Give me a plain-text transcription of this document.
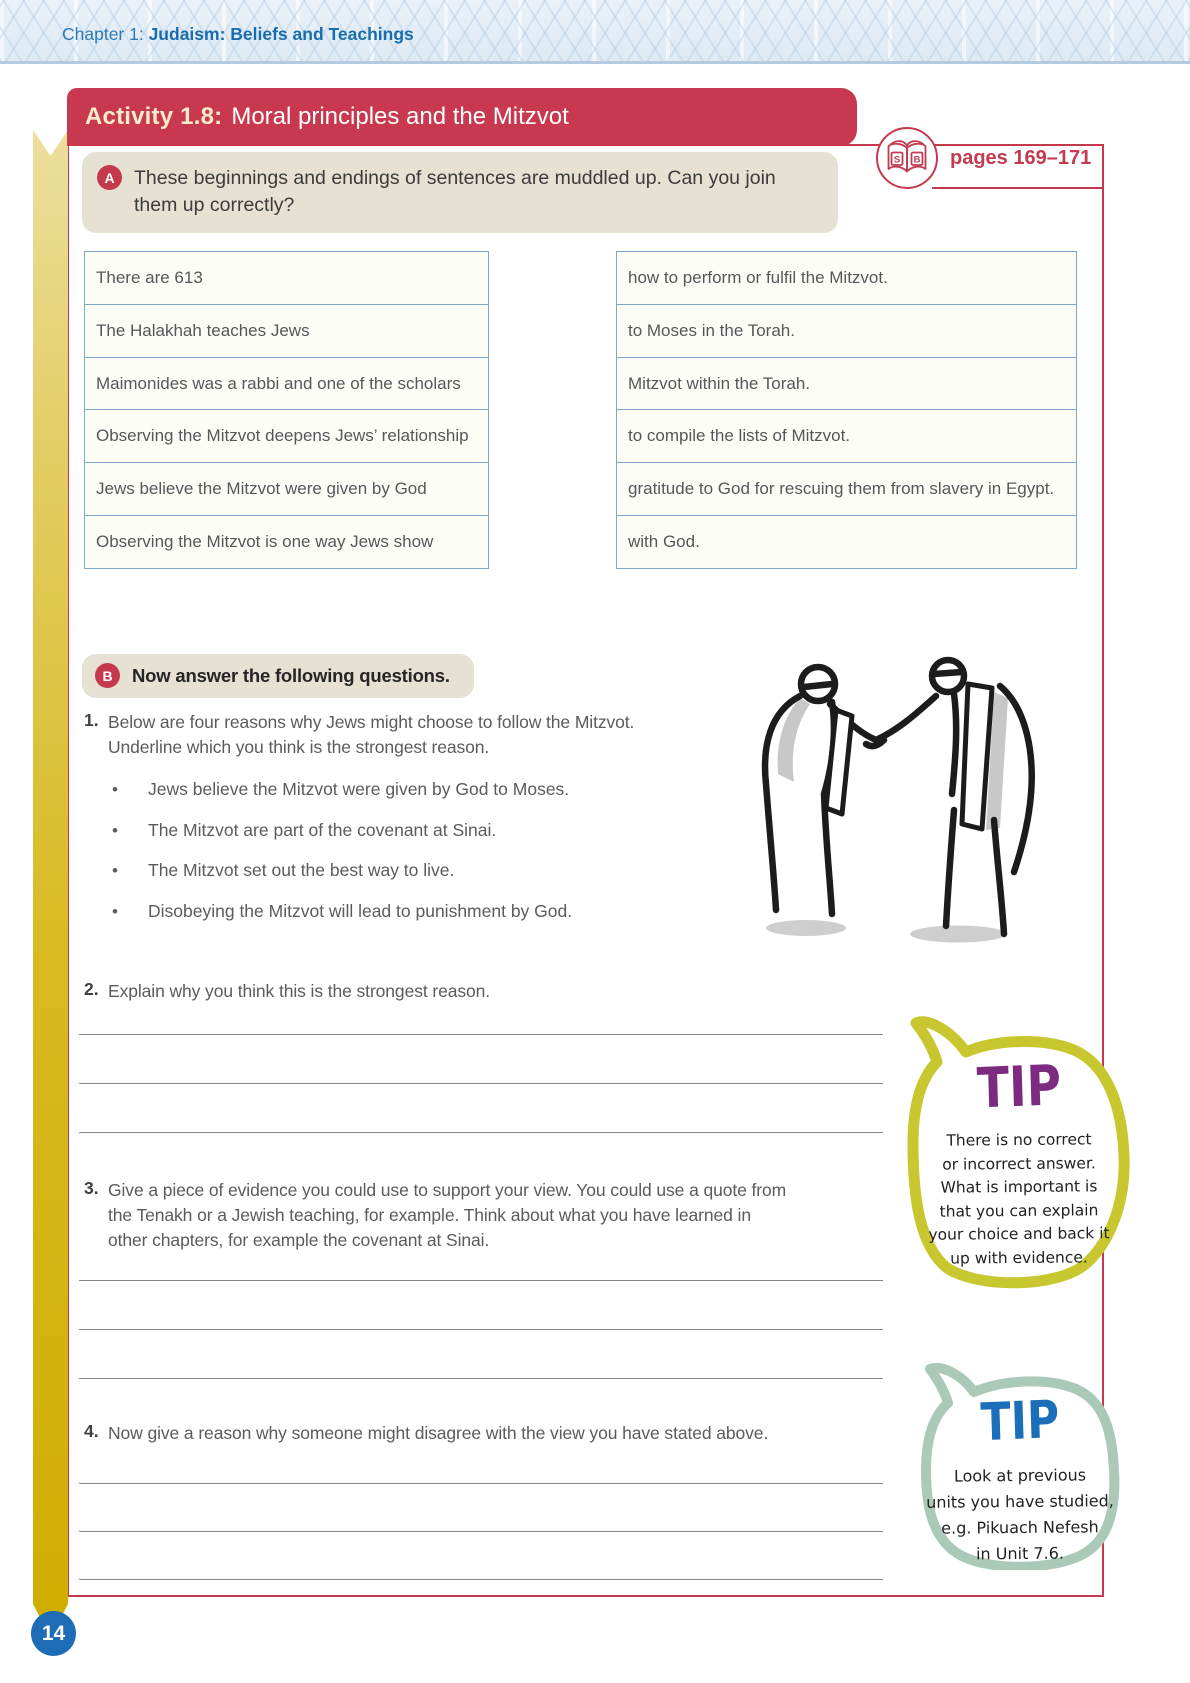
Chapter 1: Judaism: Beliefs and Teachings
Activity 1.8: Moral principles and the Mitzvot
S B pages 169–171
A These beginnings and endings of sentences are muddled up. Can you join them up correctly?
There are 613
The Halakhah teaches Jews
Maimonides was a rabbi and one of the scholars
Observing the Mitzvot deepens Jews’ relationship
Jews believe the Mitzvot were given by God
Observing the Mitzvot is one way Jews show
how to perform or fulfil the Mitzvot.
to Moses in the Torah.
Mitzvot within the Torah.
to compile the lists of Mitzvot.
gratitude to God for rescuing them from slavery in Egypt.
with God.
B	Now answer the following questions.
1. Below are four reasons why Jews might choose to follow the Mitzvot. Underline which you think is the strongest reason.
• Jews believe the Mitzvot were given by God to Moses.
• The Mitzvot are part of the covenant at Sinai.
• The Mitzvot set out the best way to live.
• Disobeying the Mitzvot will lead to punishment by God.
2. Explain why you think this is the strongest reason.
3. Give a piece of evidence you could use to support your view. You could use a quote from the Tenakh or a Jewish teaching, for example. Think about what you have learned in other chapters, for example the covenant at Sinai.
4. Now give a reason why someone might disagree with the view you have stated above.
TIP
There is no correct
or incorrect answer.
What is important is
that you can explain
your choice and back it
up with evidence.
TIP
Look at previous
units you have studied,
e.g. Pikuach Nefesh
in Unit 7.6.
14
